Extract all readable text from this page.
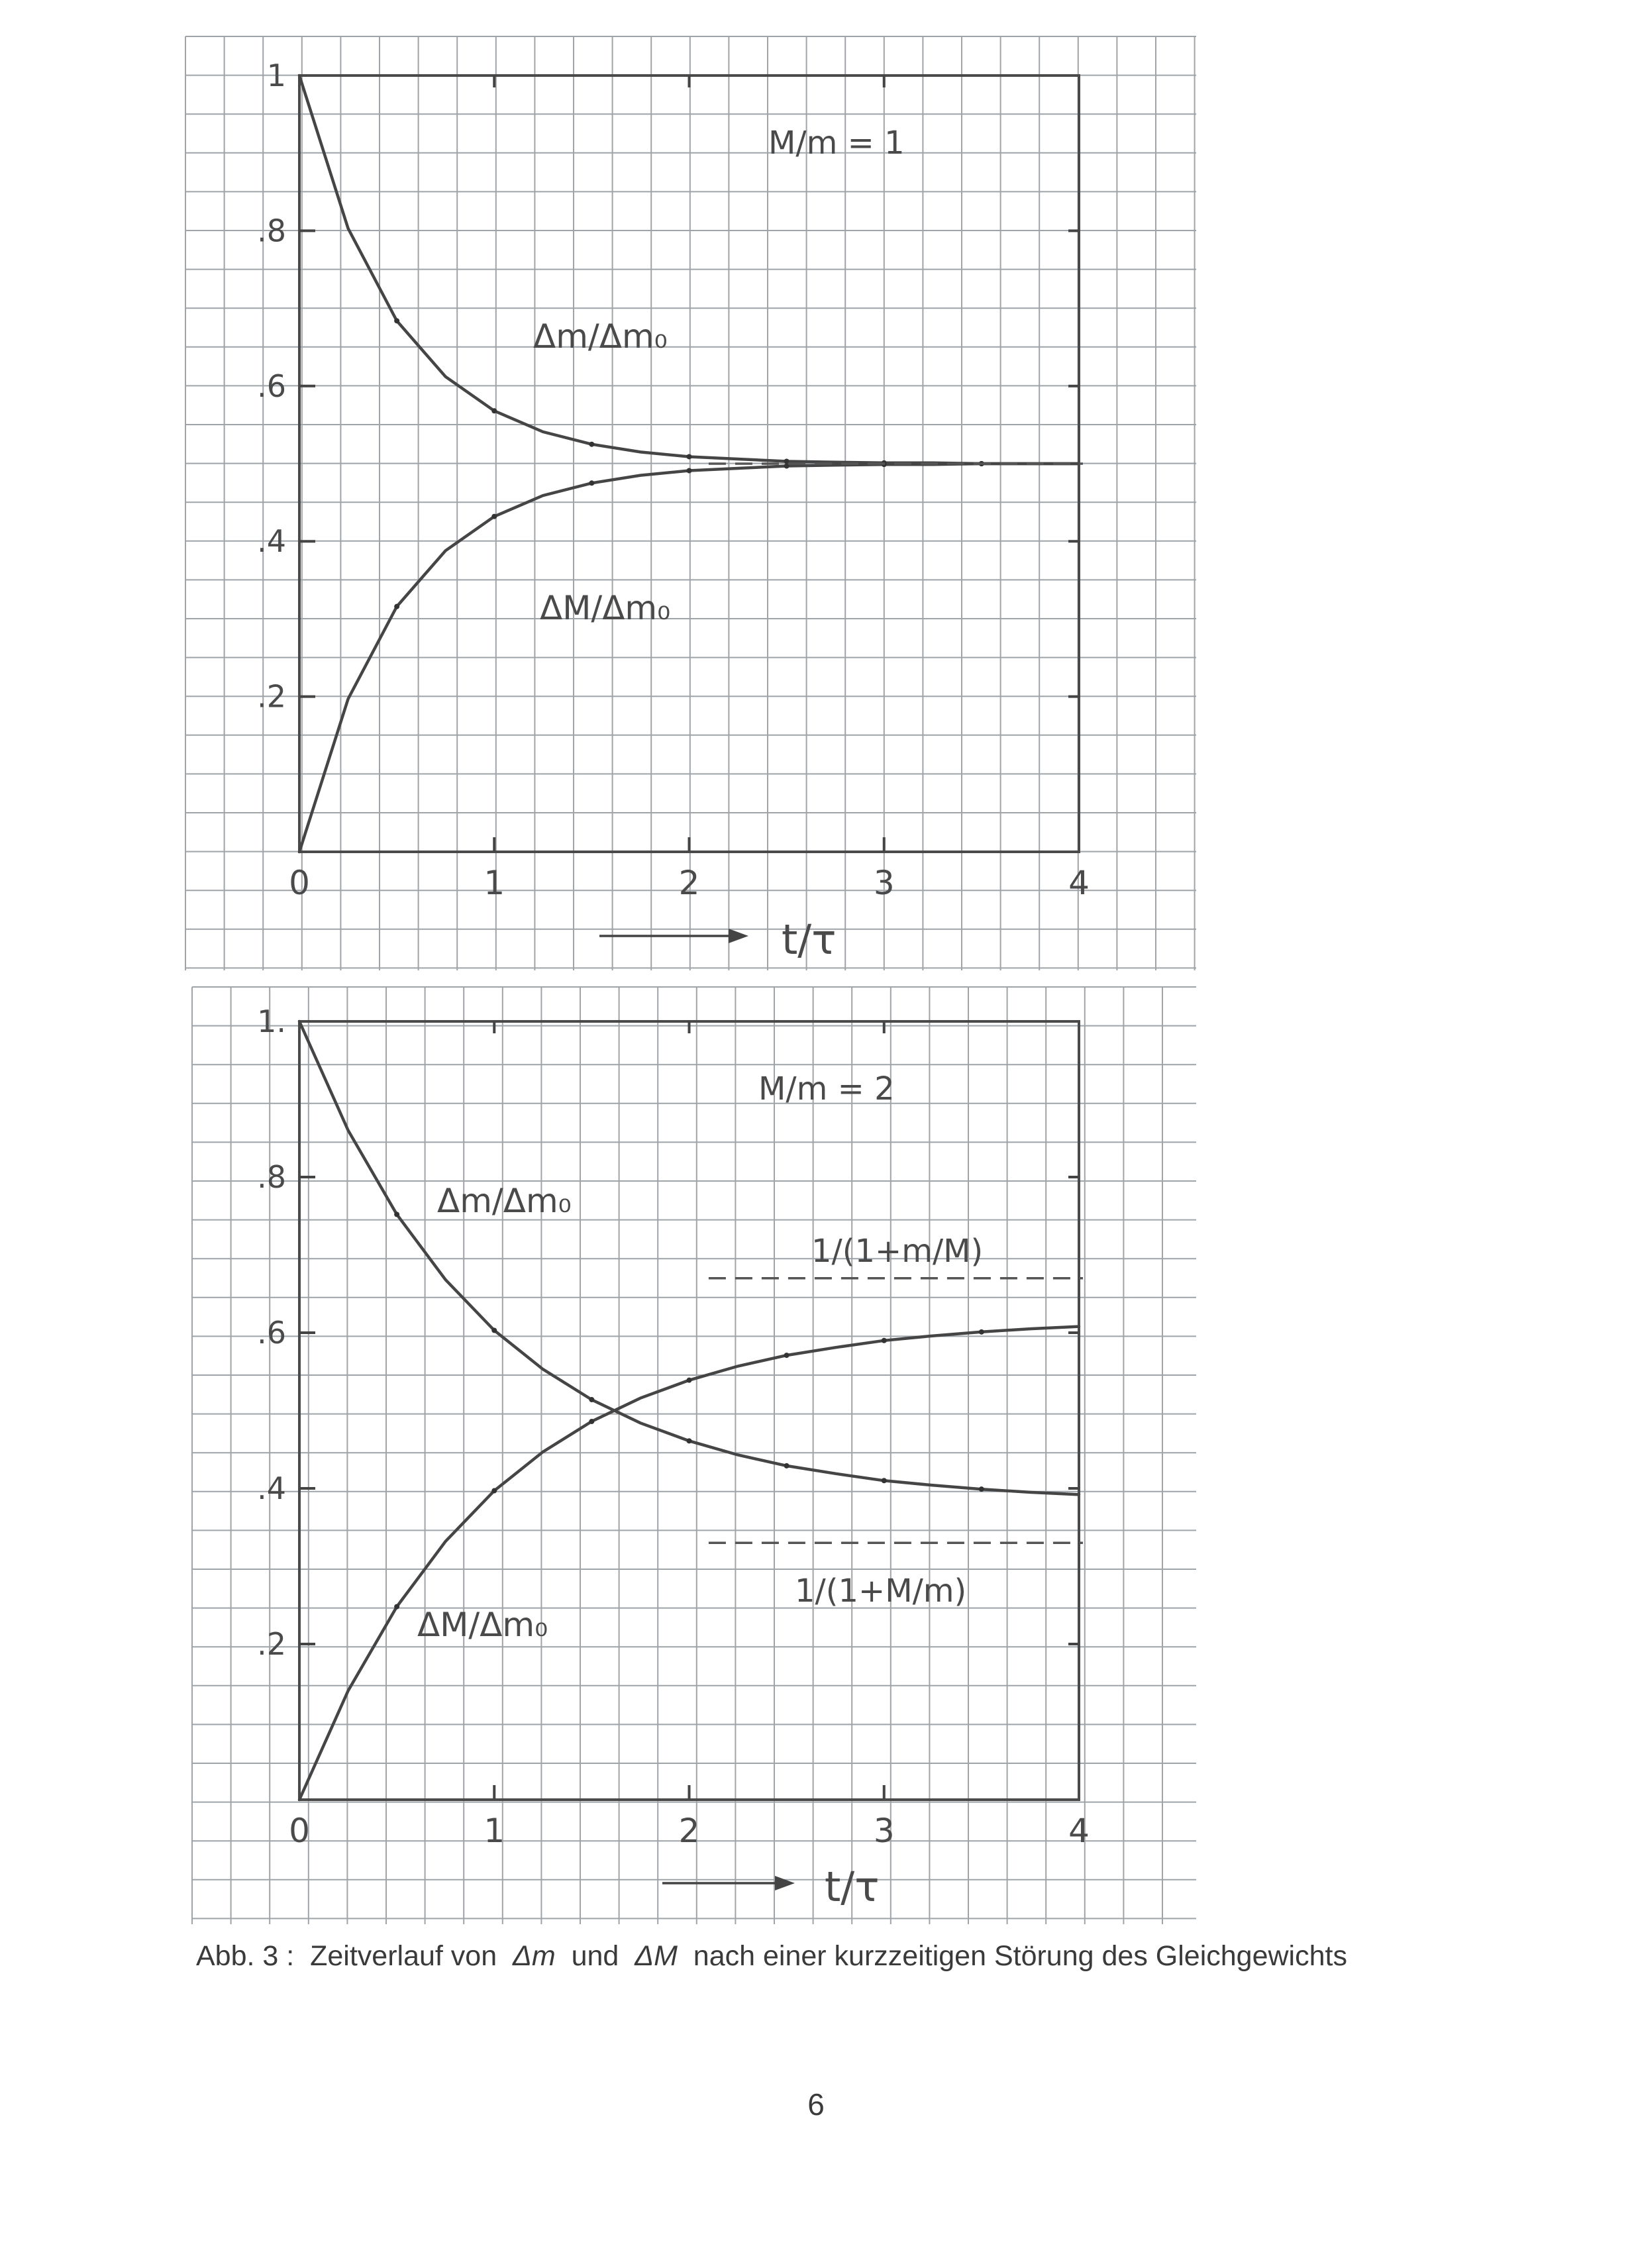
1
.8
.6
.4
.2
0	1	2	3	4
M/m = 1
Δm/Δm₀
ΔM/Δm₀
t/τ
1.
.8
.6
.4
.2
0	1	2	3	4
M/m = 2
Δm/Δm₀
ΔM/Δm₀
1/(1+m/M)
1/(1+M/m)
t/τ
Abb. 3 :  Zeitverlauf von  Δm  und  ΔM  nach einer kurzzeitigen Störung des Gleichgewichts
6
